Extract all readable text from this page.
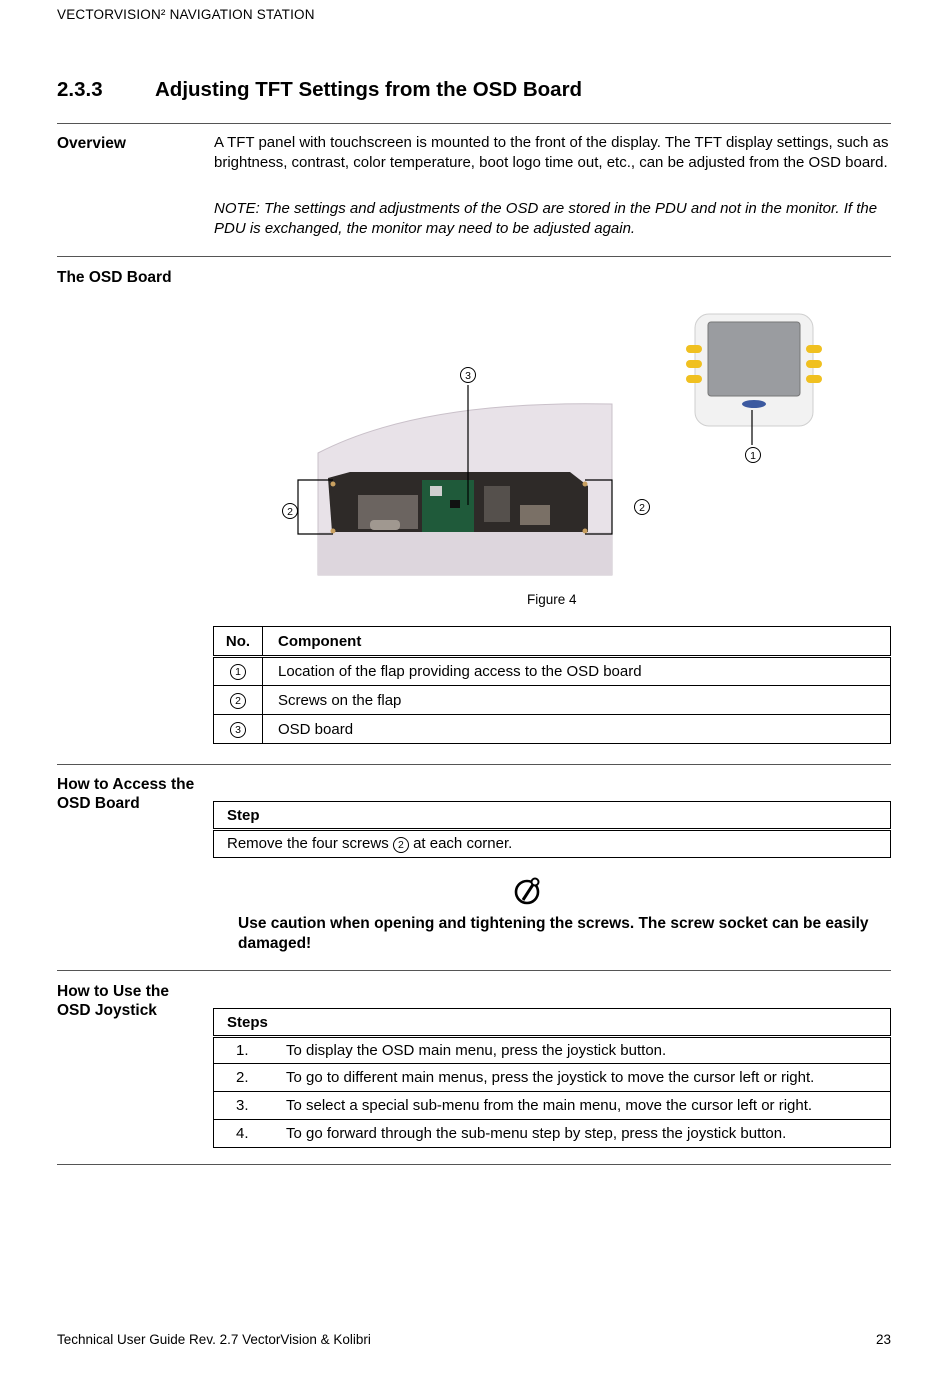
VECTORVISION² NAVIGATION STATION
2.3.3	Adjusting TFT Settings from the OSD Board
Overview	A TFT panel with touchscreen is mounted to the front of the display. The TFT display settings, such as brightness, contrast, color temperature, boot logo time out, etc., can be adjusted from the OSD board.
NOTE: The settings and adjustments of the OSD are stored in the PDU and not in the monitor. If the PDU is exchanged, the monitor may need to be adjusted again.
The OSD Board
3
1
2	2
Figure 4
No.	Component
1	Location of the flap providing access to the OSD board
2	Screws on the flap
3	OSD board
How to Access the
OSD Board
Step
Remove the four screws 2 at each corner.
Use caution when opening and tightening the screws. The screw socket can be easily damaged!
How to Use the
OSD Joystick
Steps	
1.	To display the OSD main menu, press the joystick button.
2.	To go to different main menus, press the joystick to move the cursor left or right.
3.	To select a special sub-menu from the main menu, move the cursor left or right.
4.	To go forward through the sub-menu step by step, press the joystick button.
Technical User Guide Rev. 2.7 VectorVision & Kolibri	23
